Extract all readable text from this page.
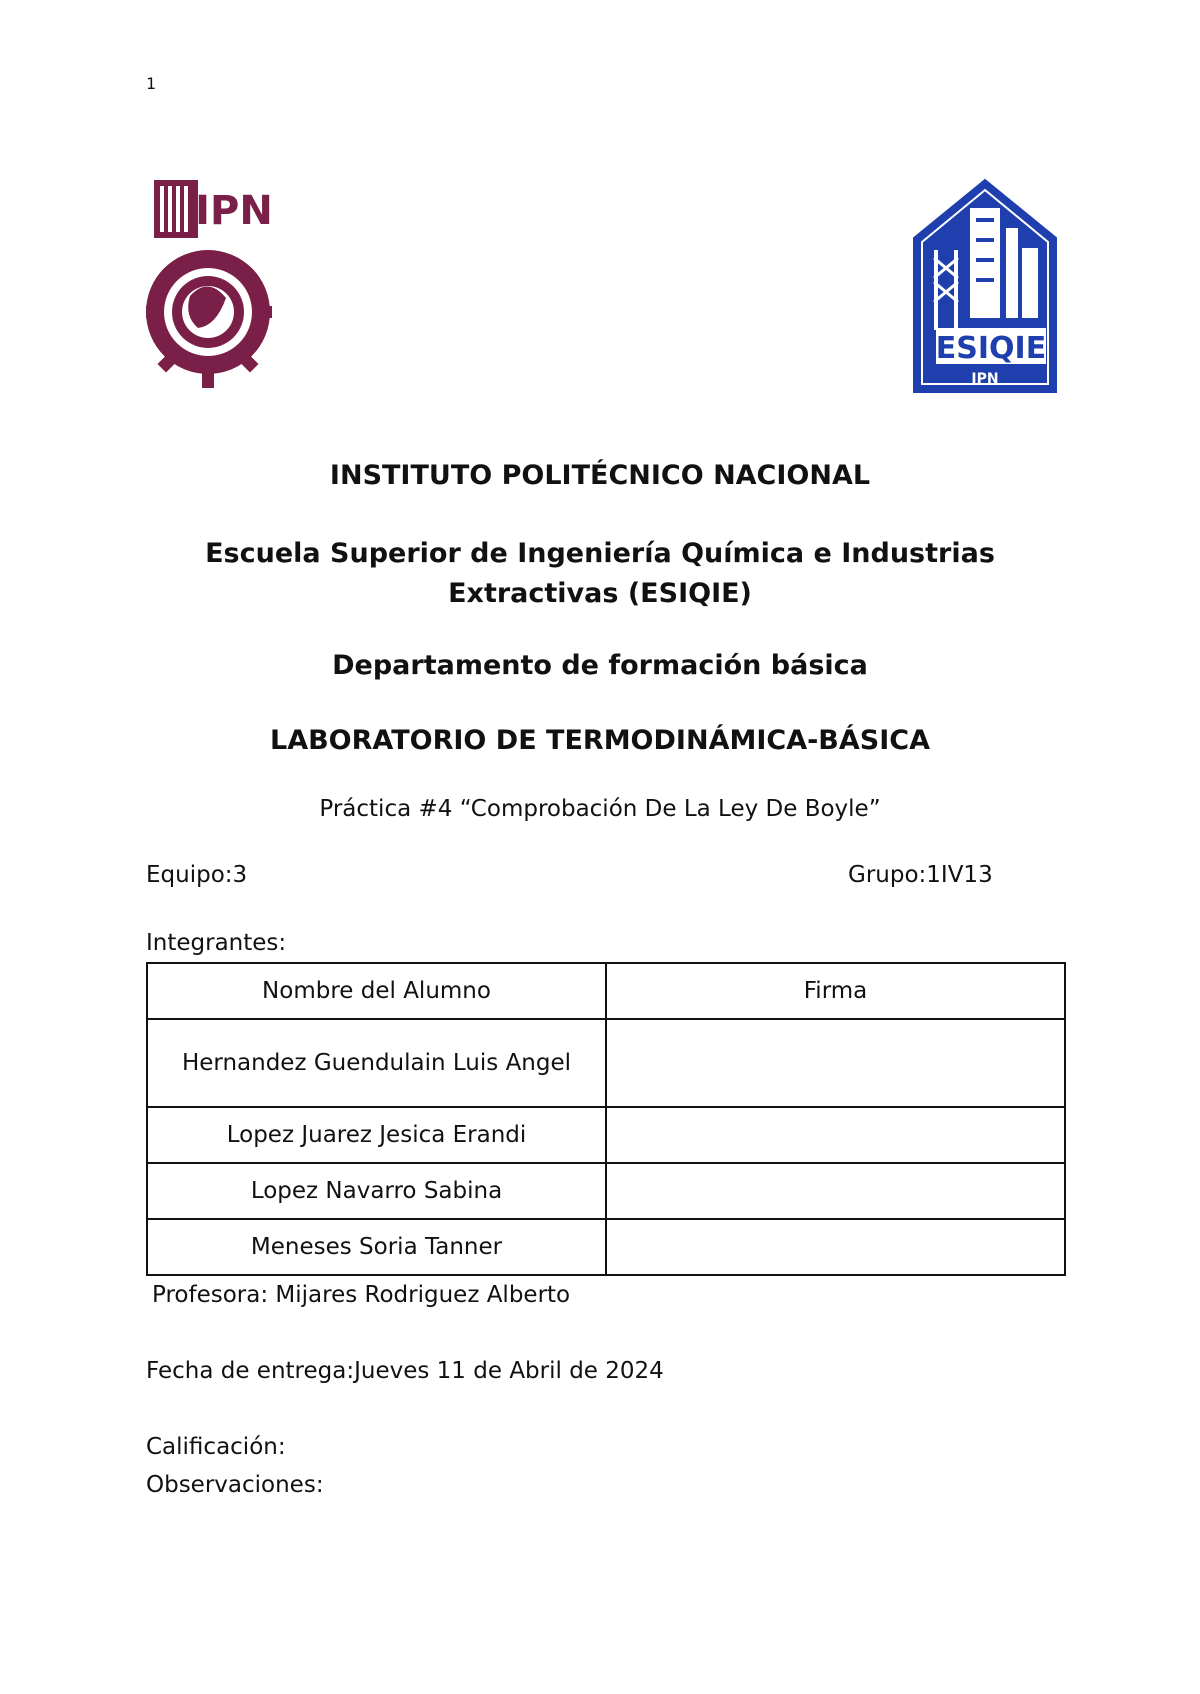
1
IPN
ESIQIE
IPN
INSTITUTO POLITÉCNICO NACIONAL
Escuela Superior de Ingeniería Química e Industrias
Extractivas (ESIQIE)
Departamento de formación básica
LABORATORIO DE TERMODINÁMICA-BÁSICA
Práctica #4 “Comprobación De La Ley De Boyle”
Equipo:3	Grupo:1IV13
Integrantes:
Nombre del Alumno	Firma
Hernandez Guendulain Luis Angel	
Lopez Juarez Jesica Erandi	
Lopez Navarro Sabina	
Meneses Soria Tanner	
Profesora: Mijares Rodriguez Alberto
Fecha de entrega:Jueves 11 de Abril de 2024
Calificación:
Observaciones:
